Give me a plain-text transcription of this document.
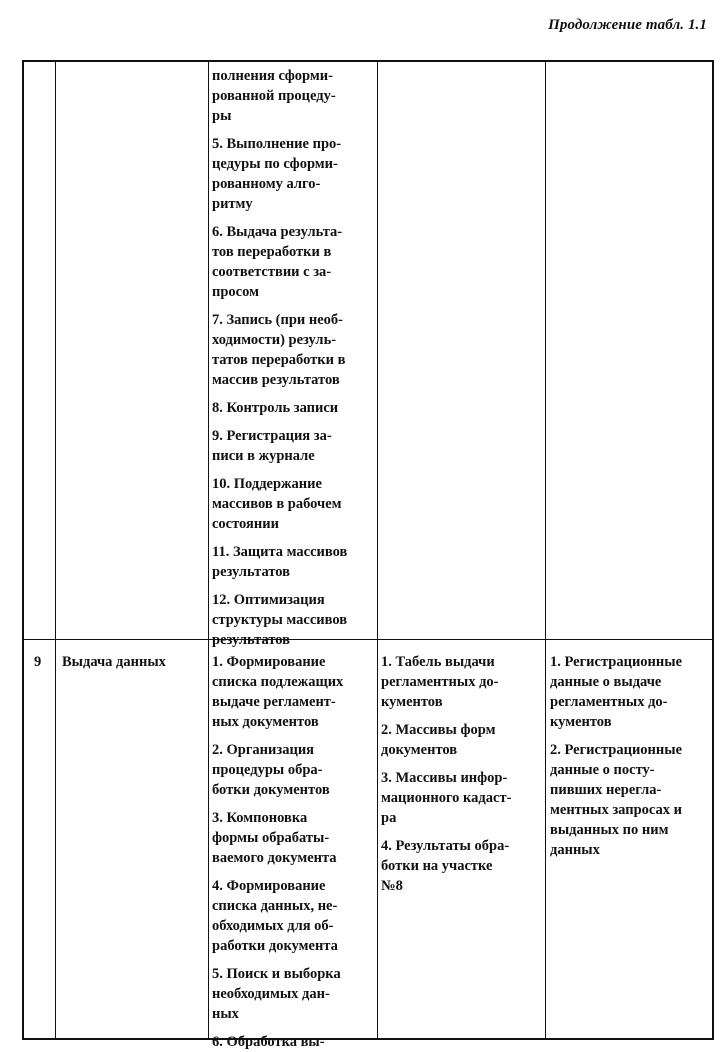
Продолжение табл. 1.1
полнения сформи-
рованной процеду-
ры
5. Выполнение про-
цедуры по сформи-
рованному алго-
ритму
6. Выдача результа-
тов переработки в
соответствии с за-
просом
7. Запись (при необ-
ходимости) резуль-
татов переработки в
массив результатов
8. Контроль записи
9. Регистрация за-
писи в журнале
10. Поддержание
массивов в рабочем
состоянии
11. Защита массивов
результатов
12. Оптимизация
структуры массивов
результатов
9	Выдача данных	1. Формирование
списка подлежащих
выдаче регламент-
ных документов
2. Организация
процедуры обра-
ботки документов
3. Компоновка
формы обрабаты-
ваемого документа
4. Формирование
списка данных, не-
обходимых для об-
работки документа
5. Поиск и выборка
необходимых дан-
ных
6. Обработка вы-
1. Табель выдачи
регламентных до-
кументов
2. Массивы форм
документов
3. Массивы инфор-
мационного кадаст-
ра
4. Результаты обра-
ботки на участке
№8
1. Регистрационные
данные о выдаче
регламентных до-
кументов
2. Регистрационные
данные о посту-
пивших нерегла-
ментных запросах и
выданных по ним
данных
